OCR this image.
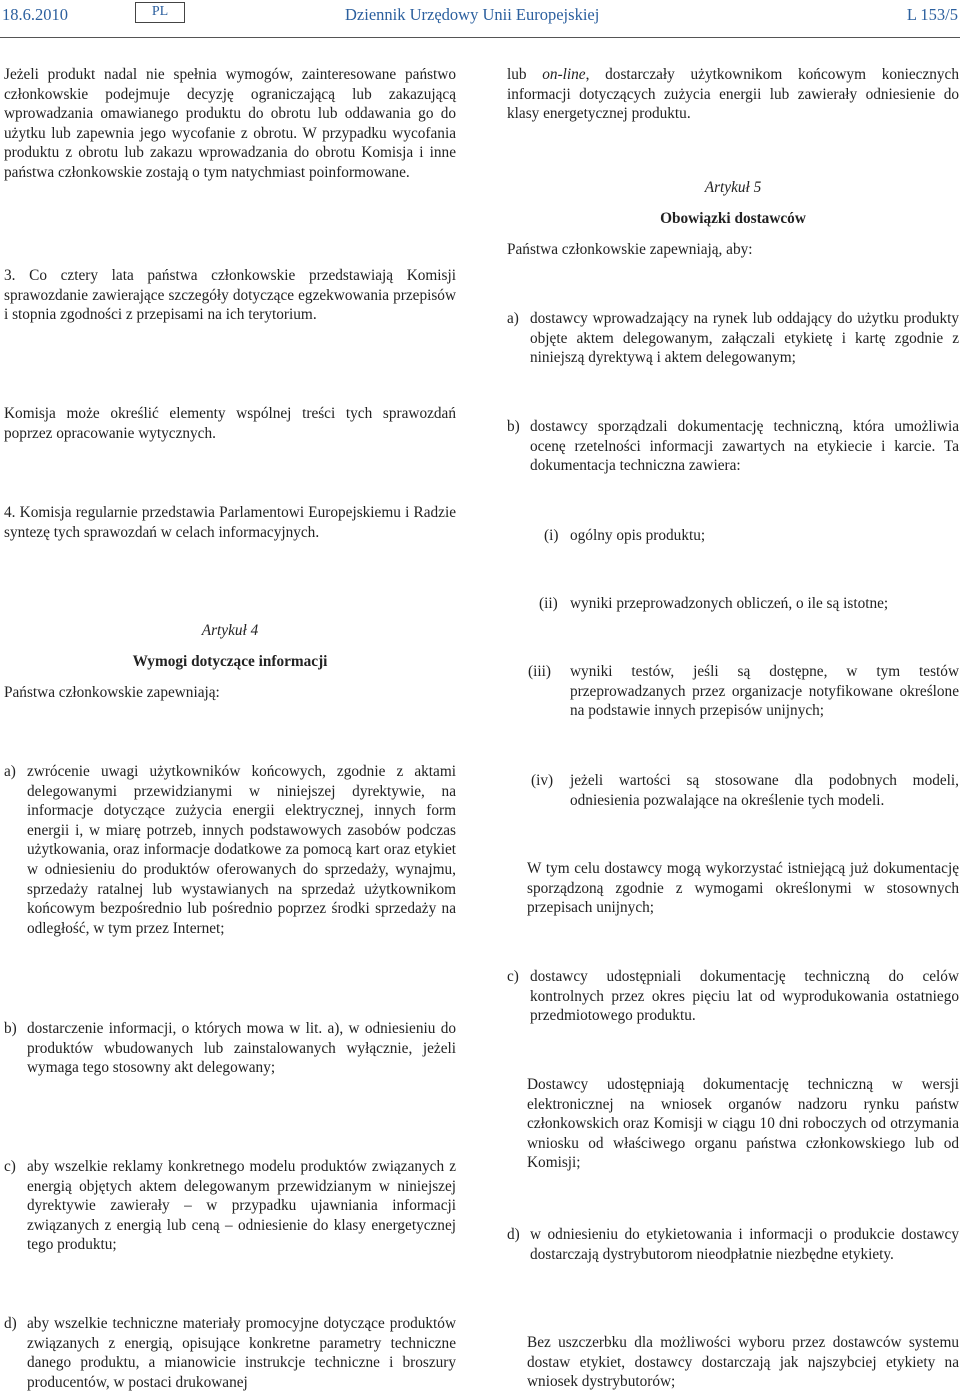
18.6.2010	PL	Dziennik Urzędowy Unii Europejskiej	L 153/5
Jeżeli produkt nadal nie spełnia wymogów, zainteresowane państwo członkowskie podejmuje decyzję ograniczającą lub zakazującą wprowadzania omawianego produktu do obrotu lub oddawania go do użytku lub zapewnia jego wycofanie z obrotu. W przypadku wycofania produktu z obrotu lub zakazu wprowadzania do obrotu Komisja i inne państwa członkowskie zostają o tym natychmiast poinformowane.
3. Co cztery lata państwa członkowskie przedstawiają Komisji sprawozdanie zawierające szczegóły dotyczące egzekwowania przepisów i stopnia zgodności z przepisami na ich terytorium.
Komisja może określić elementy wspólnej treści tych sprawozdań poprzez opracowanie wytycznych.
4. Komisja regularnie przedstawia Parlamentowi Europejskiemu i Radzie syntezę tych sprawozdań w celach informacyjnych.
Artykuł 4
Wymogi dotyczące informacji
Państwa członkowskie zapewniają:
a) zwrócenie uwagi użytkowników końcowych, zgodnie z aktami delegowanymi przewidzianymi w niniejszej dyrektywie, na informacje dotyczące zużycia energii elektrycznej, innych form energii i, w miarę potrzeb, innych podstawowych zasobów podczas użytkowania, oraz informacje dodatkowe za pomocą kart oraz etykiet w odniesieniu do produktów oferowanych do sprzedaży, wynajmu, sprzedaży ratalnej lub wystawianych na sprzedaż użytkownikom końcowym bezpośrednio lub pośrednio poprzez środki sprzedaży na odległość, w tym przez Internet;
b) dostarczenie informacji, o których mowa w lit. a), w odniesieniu do produktów wbudowanych lub zainstalowanych wyłącznie, jeżeli wymaga tego stosowny akt delegowany;
c) aby wszelkie reklamy konkretnego modelu produktów związanych z energią objętych aktem delegowanym przewidzianym w niniejszej dyrektywie zawierały – w przypadku ujawniania informacji związanych z energią lub ceną – odniesienie do klasy energetycznej tego produktu;
d) aby wszelkie techniczne materiały promocyjne dotyczące produktów związanych z energią, opisujące konkretne parametry techniczne danego produktu, a mianowicie instrukcje techniczne i broszury producentów, w postaci drukowanej
lub on-line, dostarczały użytkownikom końcowym koniecznych informacji dotyczących zużycia energii lub zawierały odniesienie do klasy energetycznej produktu.
Artykuł 5
Obowiązki dostawców
Państwa członkowskie zapewniają, aby:
a) dostawcy wprowadzający na rynek lub oddający do użytku produkty objęte aktem delegowanym, załączali etykietę i kartę zgodnie z niniejszą dyrektywą i aktem delegowanym;
b) dostawcy sporządzali dokumentację techniczną, która umożliwia ocenę rzetelności informacji zawartych na etykiecie i karcie. Ta dokumentacja techniczna zawiera:
(i) ogólny opis produktu;
(ii) wyniki przeprowadzonych obliczeń, o ile są istotne;
(iii) wyniki testów, jeśli są dostępne, w tym testów przeprowadzanych przez organizacje notyfikowane określone na podstawie innych przepisów unijnych;
(iv) jeżeli wartości są stosowane dla podobnych modeli, odniesienia pozwalające na określenie tych modeli.
W tym celu dostawcy mogą wykorzystać istniejącą już dokumentację sporządzoną zgodnie z wymogami określonymi w stosownych przepisach unijnych;
c) dostawcy udostępniali dokumentację techniczną do celów kontrolnych przez okres pięciu lat od wyprodukowania ostatniego przedmiotowego produktu.
Dostawcy udostępniają dokumentację techniczną w wersji elektronicznej na wniosek organów nadzoru rynku państw członkowskich oraz Komisji w ciągu 10 dni roboczych od otrzymania wniosku od właściwego organu państwa członkowskiego lub od Komisji;
d) w odniesieniu do etykietowania i informacji o produkcie dostawcy dostarczają dystrybutorom nieodpłatnie niezbędne etykiety.
Bez uszczerbku dla możliwości wyboru przez dostawców systemu dostaw etykiet, dostawcy dostarczają jak najszybciej etykiety na wniosek dystrybutorów;
